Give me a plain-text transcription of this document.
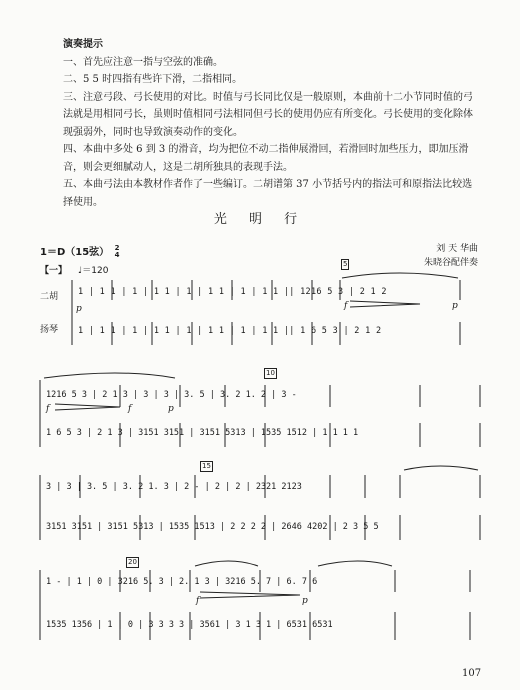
演奏提示

一、首先应注意一指与空弦的准确。

二、5 5 时四指有些许下滑，二指相同。

三、注意弓段、弓长使用的对比。时值与弓长同比仅是一般原则，本曲前十二小节同时值的弓法就是用相同弓长，虽则时值相同弓法相同但弓长的使用仍应有所变化。弓长使用的变化除体现强弱外，同时也导致演奏动作的变化。

四、本曲中多处 6 到 3 的滑音，均为把位不动二指伸展滑回，若滑回时加些压力，即加压滑音，则会更细腻动人，这是二胡所独具的表现手法。

五、本曲弓法由本教材作者作了一些编订。二胡谱第 37 小节括号内的指法可和原指法比较选择使用。

光 明 行
1＝D（15弦） 2
4
刘 天 华曲
朱晓谷配伴奏
【一】 ♩＝120
二胡
扬琴
5
10
15
20
1 | 1 1 | 1 | 1 1 | 1 | 1 1 | 1 | 1 1 || 1216 5 3 | 2 1 2
1 | 1 1 | 1 | 1 1 | 1 | 1 1 | 1 | 1 1 || 1 6 5 3 | 2 1 2
1216 5 3 | 2 1 3 | 3 | 3 | 3. 5 | 3. 2 1. 2 | 3 -
1 6 5 3 | 2 1 3 | 3151 3151 | 3151 5313 | 1535 1512 | 1 1 1 1
3 | 3 | 3. 5 | 3. 2 1. 3 | 2 - | 2 | 2 | 2321 2123
3151 3151 | 3151 5313 | 1535 1513 | 2 2 2 2 | 2646 4202 | 2 3 5 5
1 - | 1 | 0 | 3216 5. 3 | 2. 1 3 | 3216 5. 7 | 6. 7 6
1535 1356 | 1 | 0 | 3 3 3 3 | 3561 | 3 1 3 1 | 6531 6531
p	f	p
f	p
f
f	p
107
